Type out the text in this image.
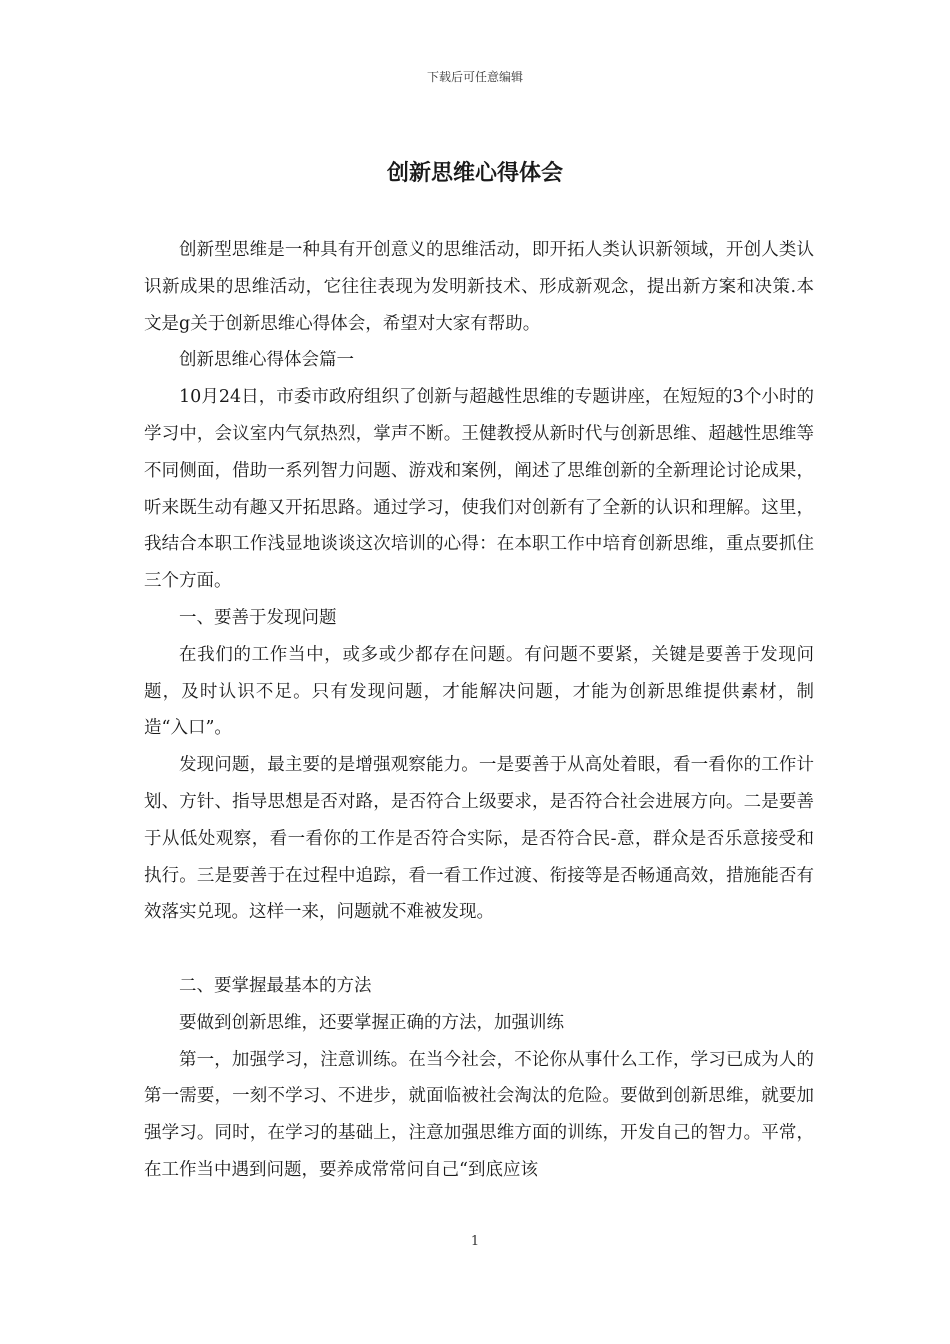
下载后可任意编辑
创新思维心得体会

创新型思维是一种具有开创意义的思维活动，即开拓人类认识新领域，开创人类认识新成果的思维活动，它往往表现为发明新技术、形成新观念，提出新方案和决策.本文是g关于创新思维心得体会，希望对大家有帮助。

创新思维心得体会篇一

10月24日，市委市政府组织了创新与超越性思维的专题讲座，在短短的3个小时的学习中，会议室内气氛热烈，掌声不断。王健教授从新时代与创新思维、超越性思维等不同侧面，借助一系列智力问题、游戏和案例，阐述了思维创新的全新理论讨论成果，听来既生动有趣又开拓思路。通过学习，使我们对创新有了全新的认识和理解。这里，我结合本职工作浅显地谈谈这次培训的心得：在本职工作中培育创新思维，重点要抓住三个方面。

一、要善于发现问题

在我们的工作当中，或多或少都存在问题。有问题不要紧，关键是要善于发现问题，及时认识不足。只有发现问题，才能解决问题，才能为创新思维提供素材，制造“入口”。

发现问题，最主要的是增强观察能力。一是要善于从高处着眼，看一看你的工作计划、方针、指导思想是否对路，是否符合上级要求，是否符合社会进展方向。二是要善于从低处观察，看一看你的工作是否符合实际，是否符合民-意，群众是否乐意接受和执行。三是要善于在过程中追踪，看一看工作过渡、衔接等是否畅通高效，措施能否有效落实兑现。这样一来，问题就不难被发现。

二、要掌握最基本的方法

要做到创新思维，还要掌握正确的方法，加强训练

第一，加强学习，注意训练。在当今社会，不论你从事什么工作，学习已成为人的第一需要，一刻不学习、不进步，就面临被社会淘汰的危险。要做到创新思维，就要加强学习。同时，在学习的基础上，注意加强思维方面的训练，开发自己的智力。平常，在工作当中遇到问题，要养成常常问自己“到底应该

1
